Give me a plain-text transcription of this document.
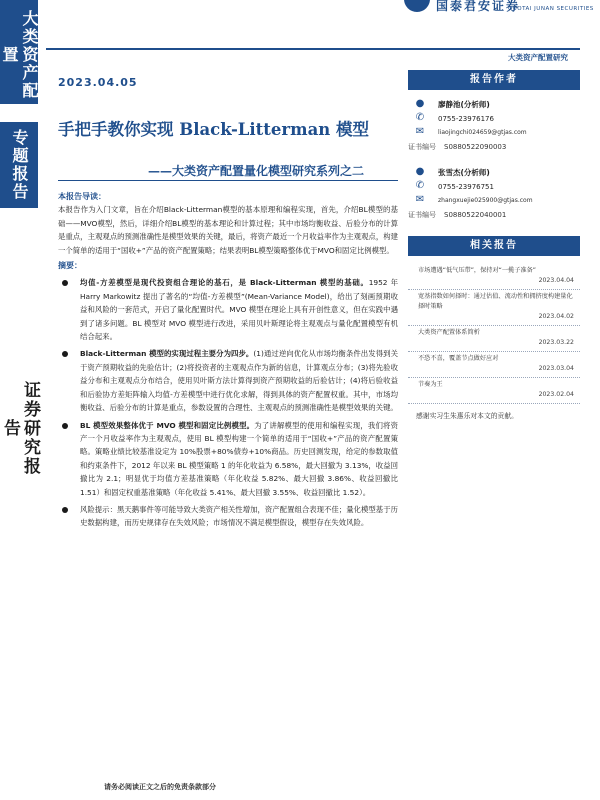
大类资产配置
专题报告
证券研究报告
国泰君安证券
GUOTAI JUNAN SECURITIES
大类资产配置研究
2023.04.05
手把手教你实现 Black-Litterman 模型
——大类资产配置量化模型研究系列之二
本报告导读：
本报告作为入门文章，旨在介绍Black-Litterman模型的基本原理和编程实现，首先，介绍BL模型的基础——MVO模型，然后，详细介绍BL模型的基本理论和计算过程；其中市场均衡收益、后验分布的计算是重点，主观观点的预测准确性是模型效果的关键，最后，将资产最近一个月收益率作为主观观点，构建一个简单的适用于“国收+”产品的资产配置策略；结果表明BL模型策略整体优于MVO和固定比例模型。
摘要：
均值-方差模型是现代投资组合理论的基石，是 Black-Litterman 模型的基础。1952 年 Harry Markowitz 提出了著名的“均值-方差模型”(Mean-Variance Model)，给出了刻画预期收益和风险的一套范式，开启了量化配置时代。MVO 模型在理论上具有开创性意义，但在实践中遇到了诸多问题。BL 模型对 MVO 模型进行改进，采用贝叶斯理论将主观观点与量化配置模型有机结合起来。
Black-Litterman 模型的实现过程主要分为四步。(1)通过逆向优化从市场均衡条件出发得到关于资产预期收益的先验估计；(2)将投资者的主观观点作为新的信息，计算观点分布；(3)将先验收益分布和主观观点分布结合，使用贝叶斯方法计算得到资产预期收益的后验估计；(4)将后验收益和后验协方差矩阵输入均值-方差模型中进行优化求解，得到具体的资产配置权重。其中，市场均衡收益、后验分布的计算是重点，参数设置的合理性、主观观点的预测准确性是模型效果的关键。
BL 模型效果整体优于 MVO 模型和固定比例模型。为了讲解模型的使用和编程实现，我们将资产一个月收益率作为主观观点，使用 BL 模型构建一个简单的适用于“国收+”产品的资产配置策略。策略业绩比较基准设定为 10%股票+80%债券+10%商品。历史回测发现，给定的参数取值和约束条件下，2012 年以来 BL 模型策略 1 的年化收益为 6.58%，最大回撤为 3.13%，收益回撤比为 2.1；明显优于均值方差基准策略（年化收益 5.82%、最大回撤 3.86%、收益回撤比 1.51）和固定权重基准策略（年化收益 5.41%、最大回撤 3.55%、收益回撤比 1.52）。
风险提示：黑天鹅事件等可能导致大类资产相关性增加，资产配置组合表现不佳；量化模型基于历史数据构建，而历史规律存在失效风险；市场情况不满足模型假设，模型存在失效风险。
报告作者
● 廖静池(分析师)
✆ 0755-23976176
✉	liaojingchi024659@gtjas.com
证书编号	S0880522090003
● 张雪杰(分析师)
✆ 0755-23976751
✉	zhangxuejie025900@gtjas.com
证书编号	S0880522040001
相关报告
市场遭遇“低气压带”，保持对“一揽子准备”
2023.04.04
宽基指数如何择时：通过估值、流动性和拥挤度构建量化择时策略
2023.04.02
大类资产配置体系简析
2023.03.22
不恐不喜，覆盖节点做好应对
2023.03.04
节奏为王
2023.02.04
感谢实习生朱惠乐对本文的贡献。
请务必阅读正文之后的免责条款部分
